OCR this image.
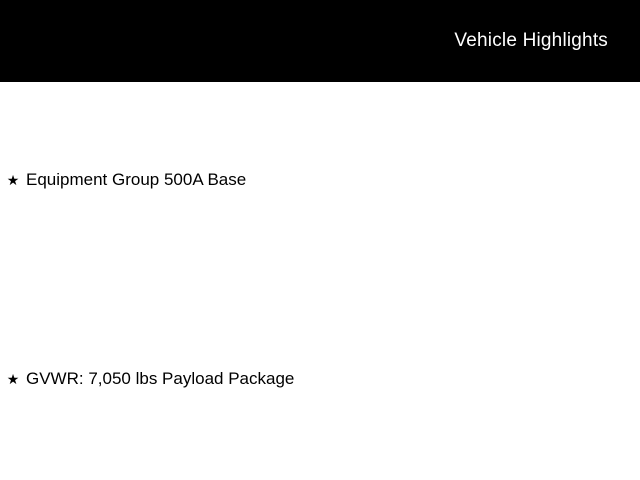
Vehicle Highlights
★ Equipment Group 500A Base
★ GVWR: 7,050 lbs Payload Package
